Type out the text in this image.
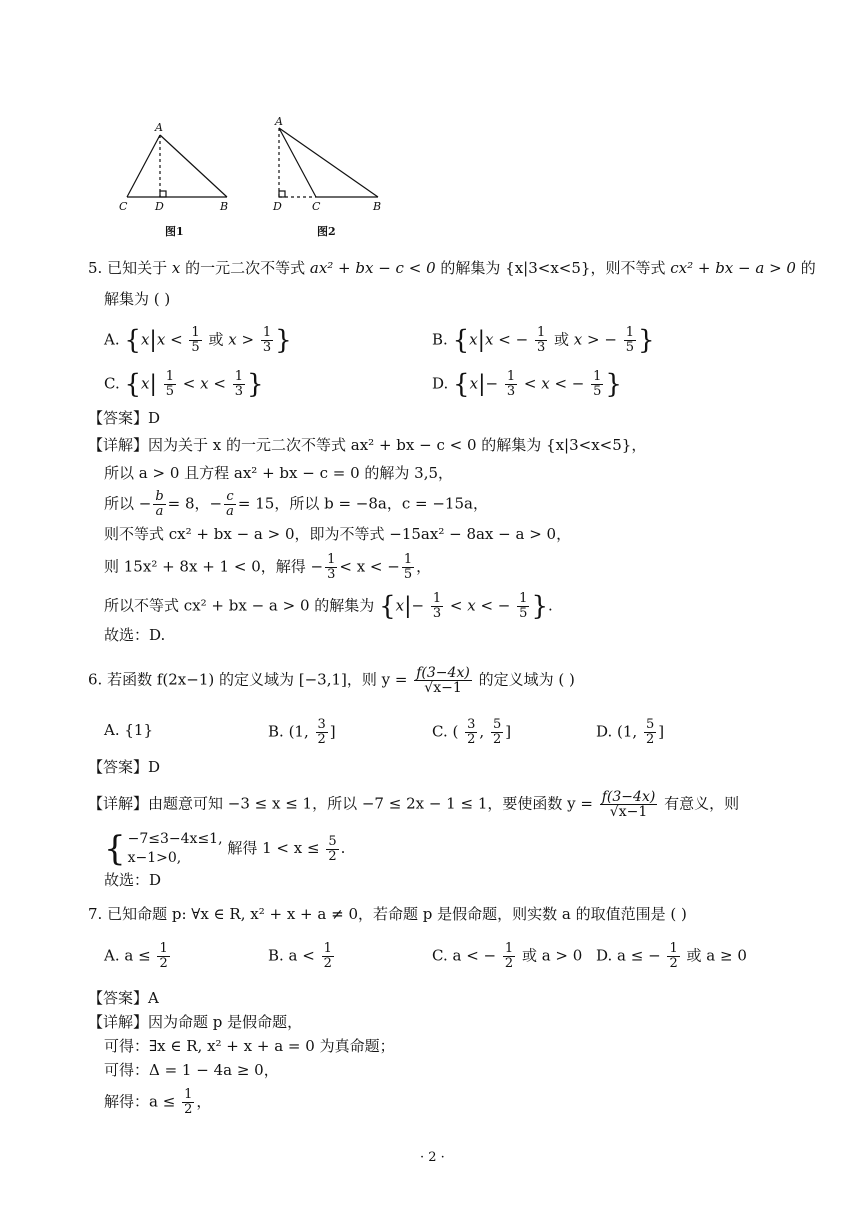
A
C	D	B
图1
A
D	C	B
图2
5. 已知关于 x 的一元二次不等式 ax² + bx − c < 0 的解集为 {x|3<x<5}，则不等式 cx² + bx − a > 0 的
解集为 ( )
A. {$x|x < \frac{1}{5}$ 或 $x > \frac{1}{3}$ }	B. {x|x < − $\frac{1}{3}$ 或 x > − $\frac{1}{5}$ }
C. {$x| \frac{1}{5} < x < \frac{1}{3}$ }	D. {$x|- \frac{1}{3} < x$ < − $\frac{1}{5}$ }
【答案】D
【详解】因为关于 x 的一元二次不等式 ax² + bx − c < 0 的解集为 {x|3<x<5}，
所以 a > 0 且方程 ax² + bx − c = 0 的解为 3,5，
所以 − $\frac{b}{a} = 8$，− $\frac{c}{a} = 15$，所以 b = −8a，c = −15a，
则不等式 cx² + bx − a > 0，即为不等式 −15ax² − 8ax − a > 0，
则 15x² + 8x + 1 < 0，解得 − $\frac{1}{3} < x$ < − $\frac{1}{5}$ ，
所以不等式 cx² + bx − a > 0 的解集为 {$x|- \frac{1}{3} < x$ < − $\frac{1}{5}$ }.
故选：D.
6. 若函数 f(2x−1) 的定义域为 [−3,1]，则 $y = \frac{f(3-4x)}{√x-1}$ 的定义域为 ( )
A. {1}	B. (1, $\frac{3}{2}$ ]	C. ( $\frac{3}{2}$ , $\frac{5}{2}$ ]	D. (1, $\frac{5}{2}$ ]
【答案】D
【详解】由题意可知 −3 ≤ x ≤ 1，所以 −7 ≤ 2x − 1 ≤ 1，要使函数 $y = \frac{f(3-4x)}{√x-1}$ 有意义，则
{ −7≤3−4x≤1,
x−1>0,
解得 $1 < x \le \frac{5}{2}$ .
故选：D
7. 已知命题 p: ∀x ∈ R, x² + x + a ≠ 0，若命题 p 是假命题，则实数 a 的取值范围是 ( )
A. $a \le \frac{1}{2}$	B. $a < \frac{1}{2}$	C. a < − $\frac{1}{2}$ 或 a > 0 D. a ≤ − $\frac{1}{2}$ 或 a ≥ 0
【答案】A
【详解】因为命题 p 是假命题，
可得：∃x ∈ R, x² + x + a = 0 为真命题；
可得：Δ = 1 − 4a ≥ 0，
解得：$a \le \frac{1}{2}$ ，
· 2 ·
